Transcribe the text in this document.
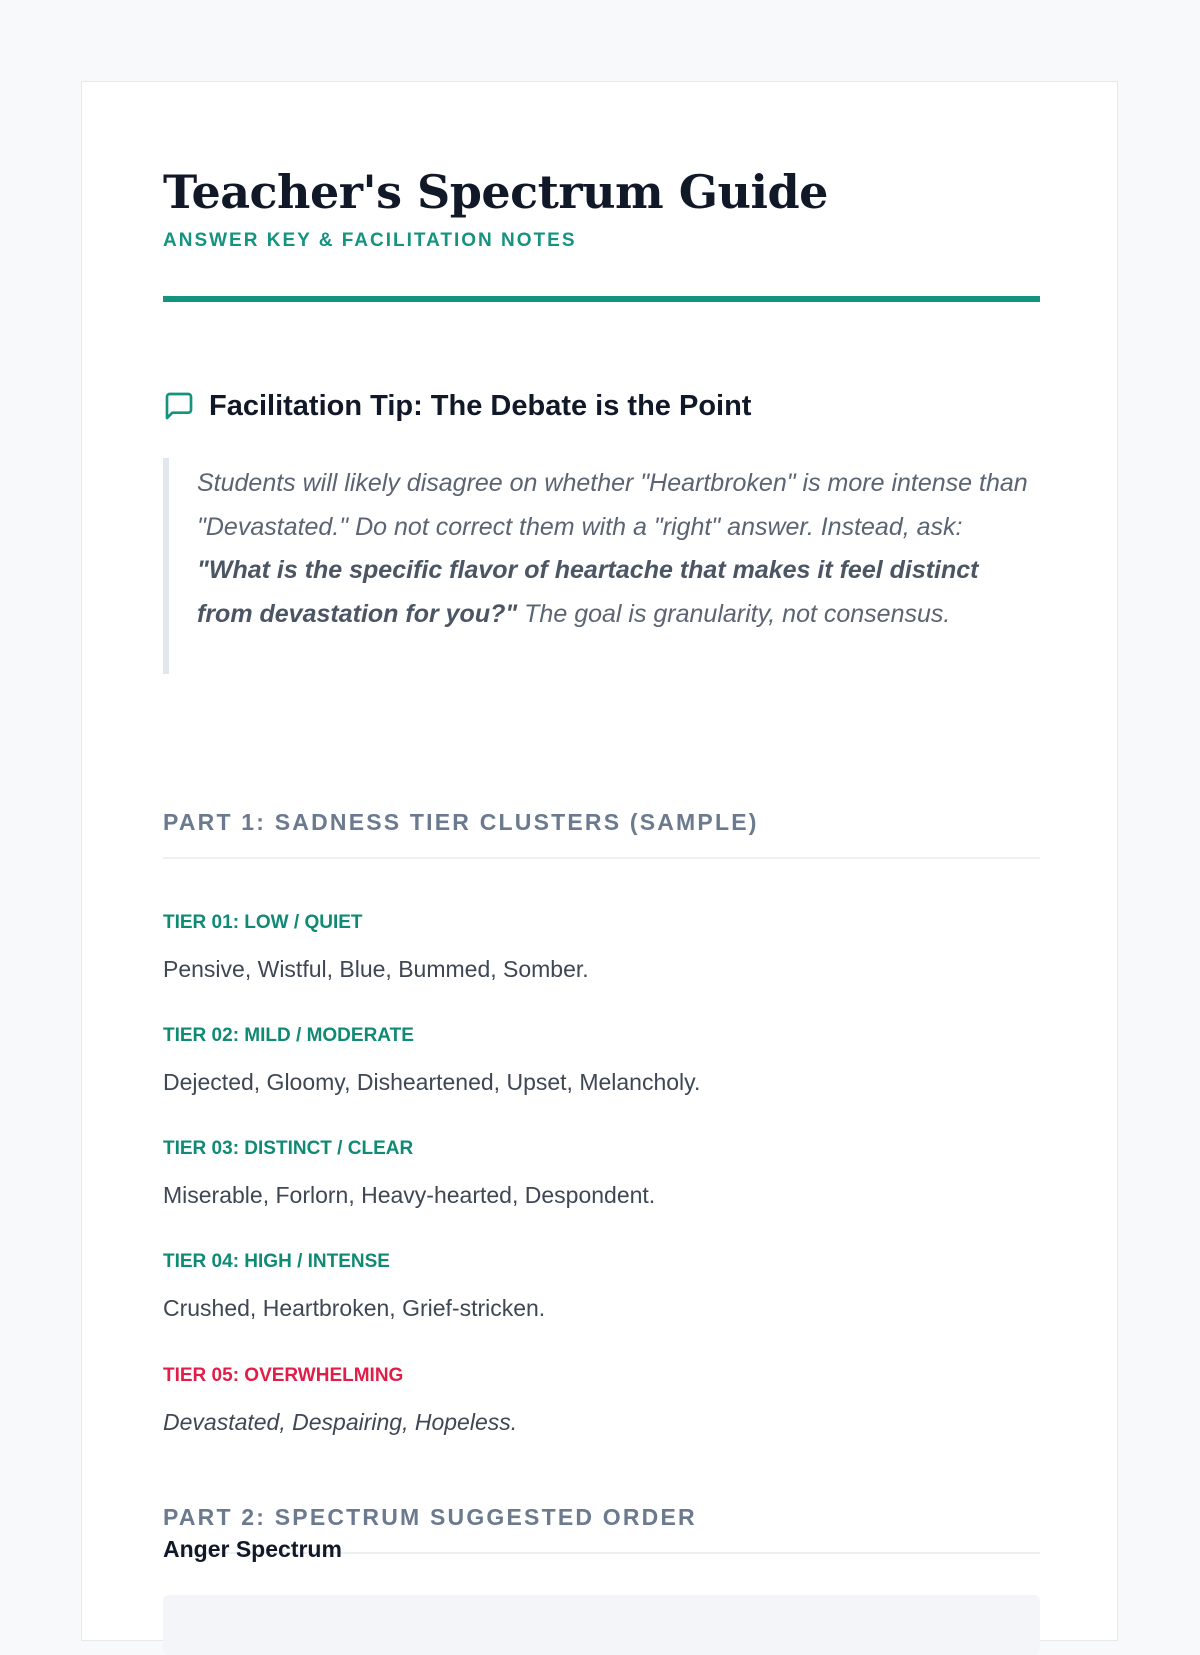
Teacher's Spectrum Guide
ANSWER KEY & FACILITATION NOTES
Facilitation Tip: The Debate is the Point
Students will likely disagree on whether "Heartbroken" is more intense than "Devastated." Do not correct them with a "right" answer. Instead, ask: "What is the specific flavor of heartache that makes it feel distinct from devastation for you?" The goal is granularity, not consensus.
PART 1: SADNESS TIER CLUSTERS (SAMPLE)
TIER 01: LOW / QUIET
Pensive, Wistful, Blue, Bummed, Somber.
TIER 02: MILD / MODERATE
Dejected, Gloomy, Disheartened, Upset, Melancholy.
TIER 03: DISTINCT / CLEAR
Miserable, Forlorn, Heavy-hearted, Despondent.
TIER 04: HIGH / INTENSE
Crushed, Heartbroken, Grief-stricken.
TIER 05: OVERWHELMING
Devastated, Despairing, Hopeless.
PART 2: SPECTRUM SUGGESTED ORDER
Anger Spectrum
